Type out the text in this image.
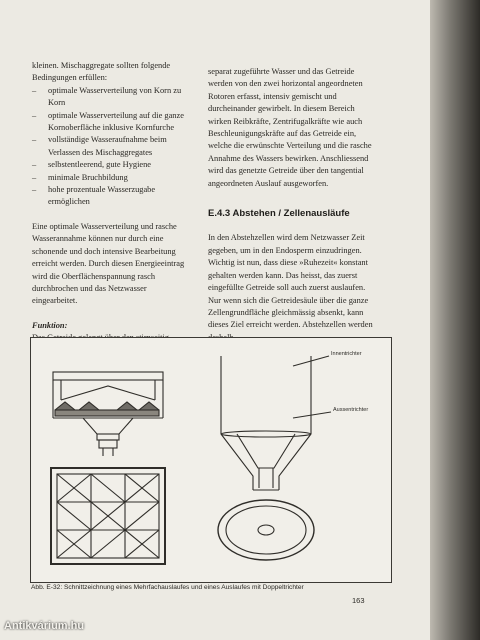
kleinen. Mischaggregate sollten folgende Bedingungen erfüllen:

– optimale Wasserverteilung von Korn zu Korn
– optimale Wasserverteilung auf die ganze Kornoberfläche inklusive Kornfurche
– vollständige Wasseraufnahme beim Verlassen des Mischaggregates
– selbstentleerend, gute Hygiene
– minimale Bruchbildung
– hohe prozentuale Wasserzugabe ermöglichen

Eine optimale Wasserverteilung und rasche Wasserannahme können nur durch eine schonende und doch intensive Bearbeitung erreicht werden. Durch diesen Energieeintrag wird die Oberflächenspannung rasch durchbrochen und das Netzwasser eingearbeitet.

Funktion:

separat zugeführte Wasser und das Getreide werden von den zwei horizontal angeordneten Rotoren erfasst, intensiv gemischt und durcheinander gewirbelt. In diesem Bereich wirken Reibkräfte, Zentrifugalkräfte wie auch Beschleunigungskräfte auf das Getreide ein, welche die erwünschte Verteilung und die rasche Annahme des Wassers bewirken. Anschliessend wird das genetzte Getreide über den tangential angeordneten Auslauf ausgeworfen.

E.4.3 Abstehen / Zellenausläufe

In den Abstehzellen wird dem Netzwasser Zeit gegeben, um in den Endosperm einzudringen. Wichtig ist nun, dass diese »Ruhezeit« konstant gehalten werden kann. Das heisst, das zuerst eingefüllte Getreide soll auch zuerst auslaufen. Nur wenn sich die Getreidesäule über die ganze Zellengrundfläche gleichmässig absenkt, kann dieses Ziel erreicht werden. Abstehzellen werden

Innentrichter
Aussentrichter
Abb. E-32: Schnittzeichnung eines Mehrfachauslaufes und eines Auslaufes mit Doppeltrichter
163
Antikvárium.hu
